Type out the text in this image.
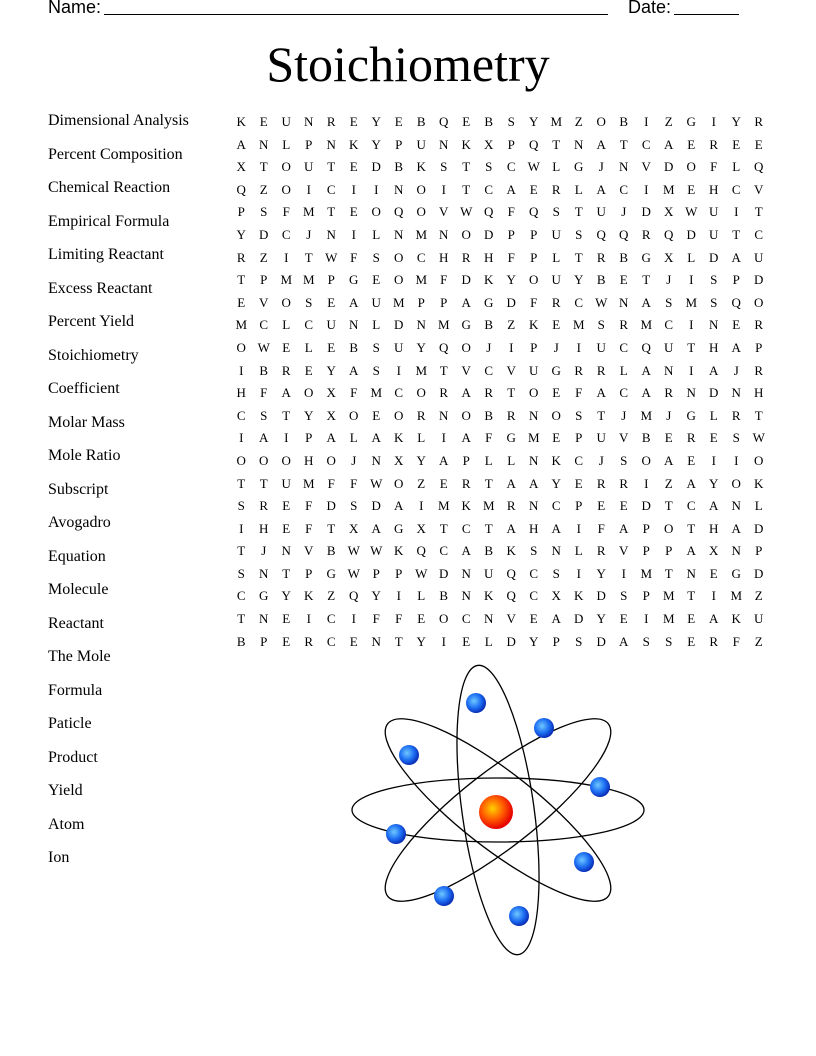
Name:	Date:
Stoichiometry
Dimensional Analysis
Percent Composition
Chemical Reaction
Empirical Formula
Limiting Reactant
Excess Reactant
Percent Yield
Stoichiometry
Coefficient
Molar Mass
Mole Ratio
Subscript
Avogadro
Equation
Molecule
Reactant
The Mole
Formula
Paticle
Product
Yield
Atom
Ion
K	E	U	N	R	E	Y	E	B	Q	E	B	S	Y M Z	O	B	I	Z	G	I	Y	R
A	N	L	P	N	K	Y	P	U	N	K	X	P	Q	T	N	A	T	C	A	E	R	E	E
X	T	O	U	T	E	D	B	K	S	T	S	C W L	G	J	N	V	D	O	F	L	Q
Q	Z	O	I	C	I	I	N	O	I	T	C	A	E	R	L	A	C	I	M E	H	C	V
P	S	F	M T	E	O	Q	O	V W Q	F	Q	S	T	U	J	D	X W U	I	T
Y	D	C	J	N	I	L	N M N	O	D	P	P	U	S	Q	Q	R	Q	D	U	T	C
R	Z	I	T W F	S	O	C	H	R	H	F	P	L	T	R	B	G	X	L	D	A	U
T	P	M M	P	G	E	O M	F	D	K	Y	O	U	Y	B	E	T	J	I	S	P	D
E	V	O	S	E	A	U M	P	P	A	G	D	F	R	C W N	A	S	M	S	Q	O
M C	L	C	U	N	L	D	N M G	B	Z	K	E M	S	R M C	I	N	E	R
O W E	L	E	B	S	U	Y	Q	O	J	I	P	J	I	U	C	Q	U	T	H	A	P
I	B	R	E	Y	A	S	I	M T	V	C	V	U	G	R	R	L	A	N	I	A	J	R
H	F	A	O	X	F	M C	O	R	A	R	T	O	E	F	A	C	A	R	N	D	N	H
C	S	T	Y	X	O	E	O	R	N	O	B	R	N	O	S	T	J	M	J	G	L	R	T
I	A	I	P	A	L	A	K	L	I	A	F	G M E	P	U	V	B	E	R	E	S W
O	O	O	H	O	J	N	X	Y	A	P	L	L	N	K	C	J	S	O	A	E	I	I	O
T	T	U M	F	F W O	Z	E	R	T	A	A	Y	E	R	R	I	Z	A	Y	O	K
S	R	E	F	D	S	D	A	I	M K M R	N	C	P	E	E	D	T	C	A	N	L
I	H	E	F	T	X	A	G	X	T	C	T	A	H	A	I	F	A	P	O	T	H	A	D
T	J	N	V	B W W K	Q	C	A	B	K	S	N	L	R	V	P	P	A	X	N	P
S	N	T	P	G W P	P W D	N	U	Q	C	S	I	Y	I	M T	N	E	G	D
C	G	Y	K	Z	Q	Y	I	L	B	N	K	Q	C	X	K	D	S	P	M T	I	M Z
T	N	E	I	C	I	F	F	E	O	C	N	V	E	A	D	Y	E	I	M E	A	K	U
B	P	E	R	C	E	N	T	Y	I	E	L	D	Y	P	S	D	A	S	S	E	R	F	Z
